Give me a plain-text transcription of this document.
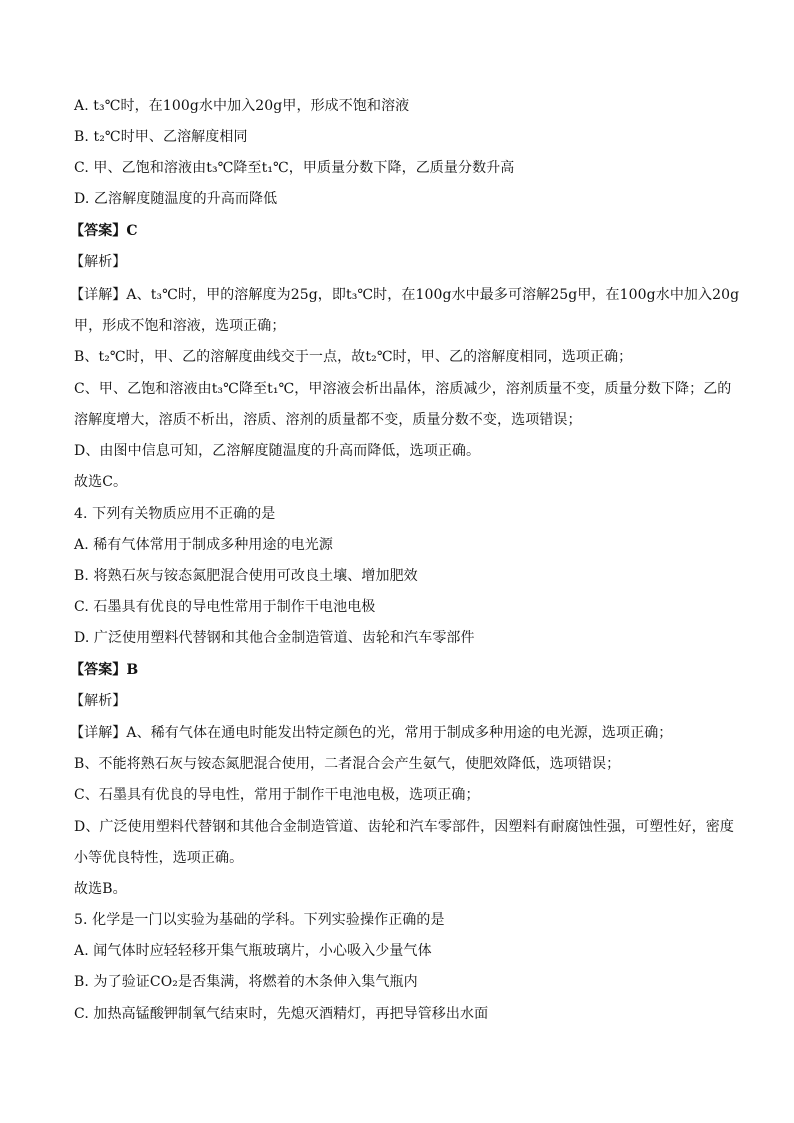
A. t₃℃时，在100g水中加入20g甲，形成不饱和溶液
B. t₂℃时甲、乙溶解度相同
C. 甲、乙饱和溶液由t₃℃降至t₁℃，甲质量分数下降，乙质量分数升高
D. 乙溶解度随温度的升高而降低
【答案】C
【解析】
【详解】A、t₃℃时，甲的溶解度为25g，即t₃℃时，在100g水中最多可溶解25g甲，在100g水中加入20g
甲，形成不饱和溶液，选项正确；
B、t₂℃时，甲、乙的溶解度曲线交于一点，故t₂℃时，甲、乙的溶解度相同，选项正确；
C、甲、乙饱和溶液由t₃℃降至t₁℃，甲溶液会析出晶体，溶质减少，溶剂质量不变，质量分数下降；乙的
溶解度增大，溶质不析出，溶质、溶剂的质量都不变，质量分数不变，选项错误；
D、由图中信息可知，乙溶解度随温度的升高而降低，选项正确。
故选C。
4. 下列有关物质应用不正确的是
A. 稀有气体常用于制成多种用途的电光源
B. 将熟石灰与铵态氮肥混合使用可改良土壤、增加肥效
C. 石墨具有优良的导电性常用于制作干电池电极
D. 广泛使用塑料代替钢和其他合金制造管道、齿轮和汽车零部件
【答案】B
【解析】
【详解】A、稀有气体在通电时能发出特定颜色的光，常用于制成多种用途的电光源，选项正确；
B、不能将熟石灰与铵态氮肥混合使用，二者混合会产生氨气，使肥效降低，选项错误；
C、石墨具有优良的导电性，常用于制作干电池电极，选项正确；
D、广泛使用塑料代替钢和其他合金制造管道、齿轮和汽车零部件，因塑料有耐腐蚀性强，可塑性好，密度
小等优良特性，选项正确。
故选B。
5. 化学是一门以实验为基础的学科。下列实验操作正确的是
A. 闻气体时应轻轻移开集气瓶玻璃片，小心吸入少量气体
B. 为了验证CO₂是否集满，将燃着的木条伸入集气瓶内
C. 加热高锰酸钾制氧气结束时，先熄灭酒精灯，再把导管移出水面
